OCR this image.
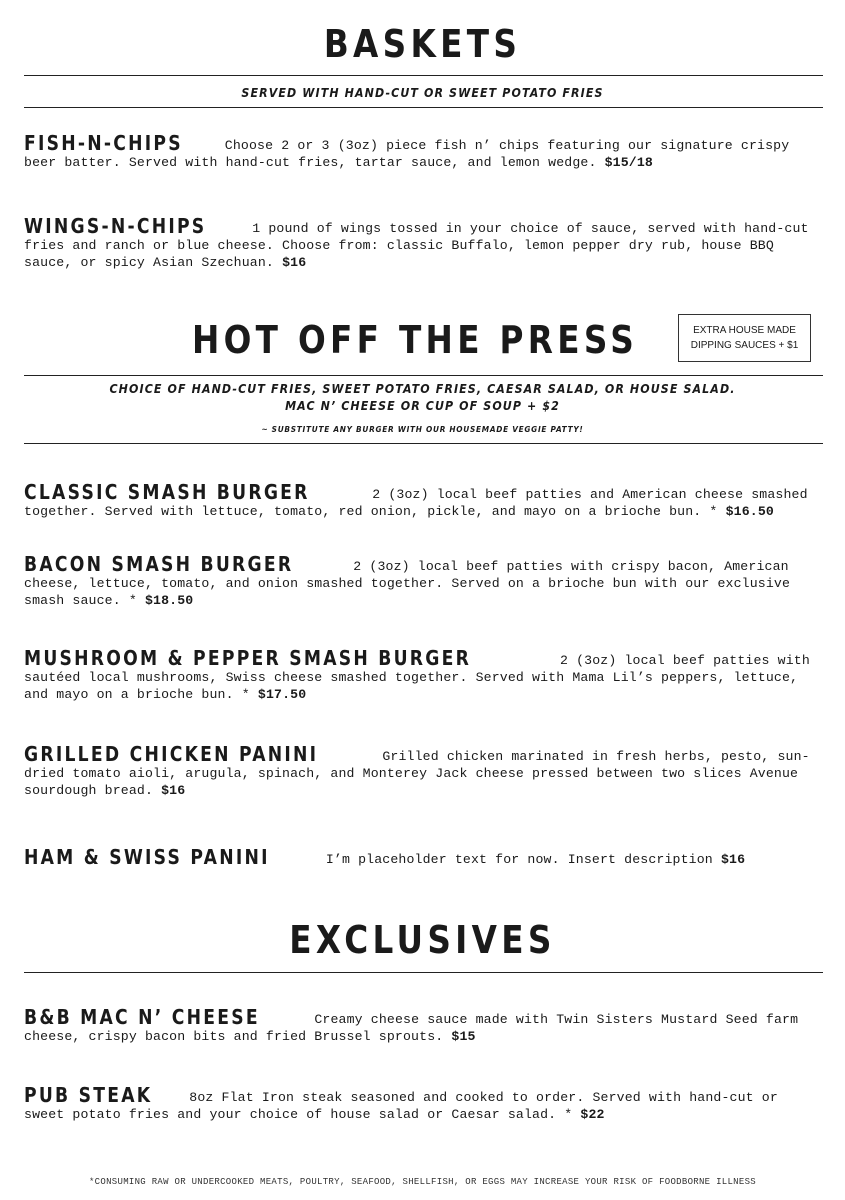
BASKETS
SERVED WITH HAND-CUT OR SWEET POTATO FRIES

FISH-N-CHIPS	Choose 2 or 3 (3oz) piece fish n’ chips featuring our signature crispy beer batter. Served with hand-cut fries, tartar sauce, and lemon wedge. $15/18

WINGS-N-CHIPS	1 pound of wings tossed in your choice of sauce, served with hand-cut fries and ranch or blue cheese. Choose from: classic Buffalo, lemon pepper dry rub, house BBQ sauce, or spicy Asian Szechuan. $16

HOT OFF THE PRESS	EXTRA HOUSE MADE
DIPPING SAUCES + $1
CHOICE OF HAND-CUT FRIES, SWEET POTATO FRIES, CAESAR SALAD, OR HOUSE SALAD.
MAC N’ CHEESE OR CUP OF SOUP + $2
~ SUBSTITUTE ANY BURGER WITH OUR HOUSEMADE VEGGIE PATTY!

CLASSIC SMASH BURGER	2 (3oz) local beef patties and American cheese smashed together. Served with lettuce, tomato, red onion, pickle, and mayo on a brioche bun. * $16.50

BACON SMASH BURGER	2 (3oz) local beef patties with crispy bacon, American cheese, lettuce, tomato, and onion smashed together. Served on a brioche bun with our exclusive smash sauce. * $18.50

MUSHROOM & PEPPER SMASH BURGER	2 (3oz) local beef patties with sautéed local mushrooms, Swiss cheese smashed together. Served with Mama Lil’s peppers, lettuce, and mayo on a brioche bun. * $17.50

GRILLED CHICKEN PANINI	Grilled chicken marinated in fresh herbs, pesto, sun-dried tomato aioli, arugula, spinach, and Monterey Jack cheese pressed between two slices Avenue sourdough bread. $16

HAM & SWISS PANINI	I’m placeholder text for now. Insert description $16

EXCLUSIVES

B&B MAC N’ CHEESE	Creamy cheese sauce made with Twin Sisters Mustard Seed farm cheese, crispy bacon bits and fried Brussel sprouts. $15

PUB STEAK	8oz Flat Iron steak seasoned and cooked to order. Served with hand-cut or sweet potato fries and your choice of house salad or Caesar salad. * $22

*CONSUMING RAW OR UNDERCOOKED MEATS, POULTRY, SEAFOOD, SHELLFISH, OR EGGS MAY INCREASE YOUR RISK OF FOODBORNE ILLNESS
